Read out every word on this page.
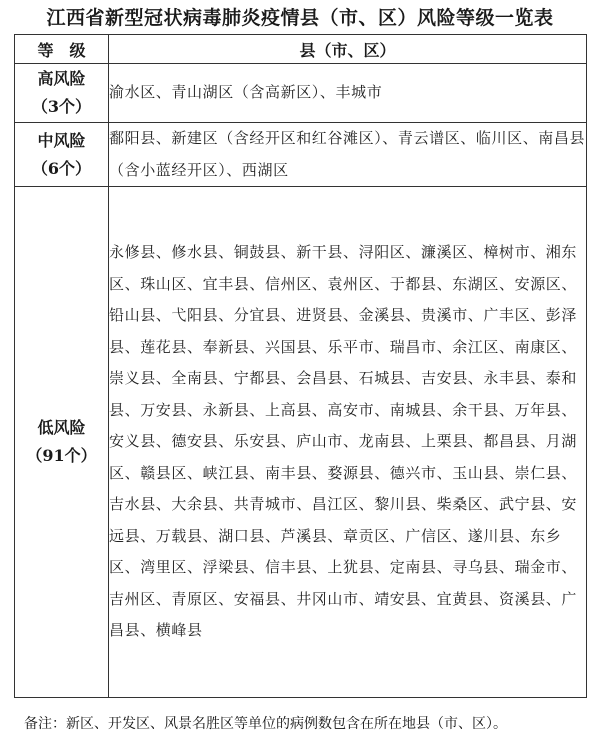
江西省新型冠状病毒肺炎疫情县（市、区）风险等级一览表
等　级	县（市、区）

高风险
（3个）	渝水区、青山湖区（含高新区）、丰城市

中风险
（6个）	鄱阳县、新建区（含经开区和红谷滩区）、青云谱区、临川区、南昌县（含小蓝经开区）、西湖区

低风险
（91个）	永修县、修水县、铜鼓县、新干县、浔阳区、濂溪区、樟树市、湘东区、珠山区、宜丰县、信州区、袁州区、于都县、东湖区、安源区、铅山县、弋阳县、分宜县、进贤县、金溪县、贵溪市、广丰区、彭泽县、莲花县、奉新县、兴国县、乐平市、瑞昌市、余江区、南康区、崇义县、全南县、宁都县、会昌县、石城县、吉安县、永丰县、泰和县、万安县、永新县、上高县、高安市、南城县、余干县、万年县、安义县、德安县、乐安县、庐山市、龙南县、上栗县、都昌县、月湖区、赣县区、峡江县、南丰县、婺源县、德兴市、玉山县、崇仁县、吉水县、大余县、共青城市、昌江区、黎川县、柴桑区、武宁县、安远县、万载县、湖口县、芦溪县、章贡区、广信区、遂川县、东乡区、湾里区、浮梁县、信丰县、上犹县、定南县、寻乌县、瑞金市、吉州区、青原区、安福县、井冈山市、靖安县、宜黄县、资溪县、广昌县、横峰县
备注：新区、开发区、风景名胜区等单位的病例数包含在所在地县（市、区）。
